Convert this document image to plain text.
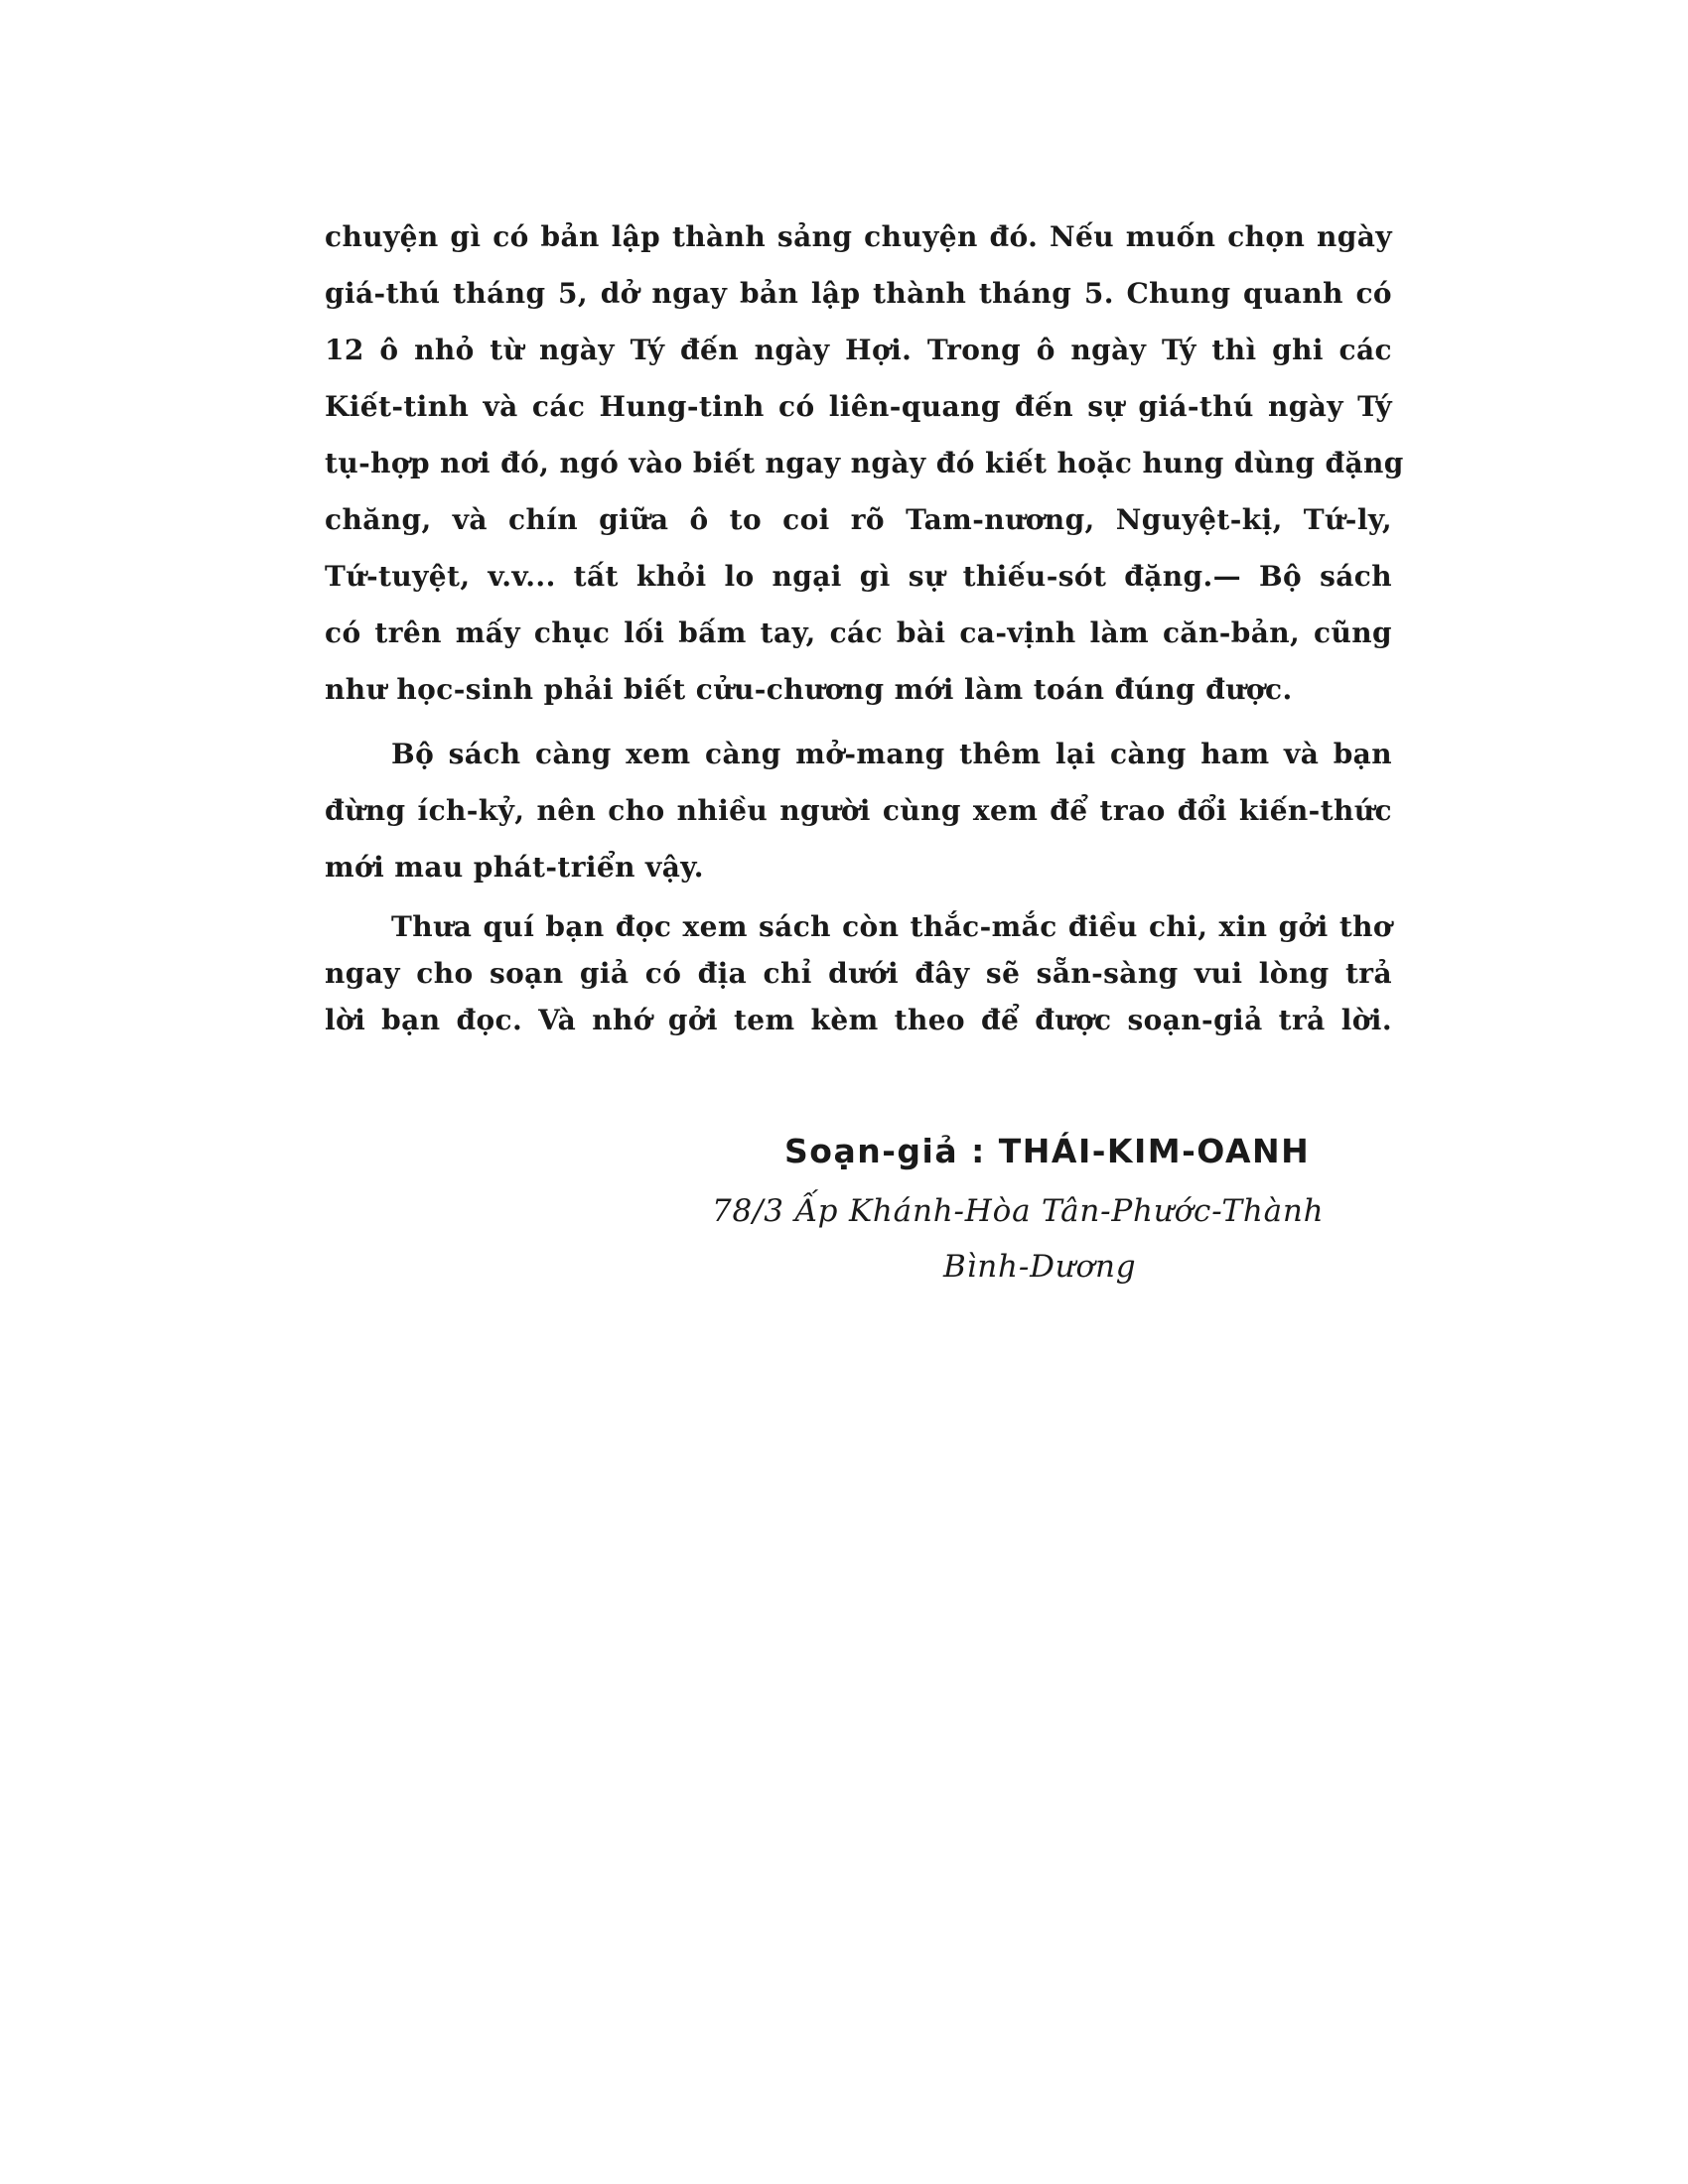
chuyện gì có bản lập thành sảng chuyện đó. Nếu muốn chọn ngày
giá-thú tháng 5, dở ngay bản lập thành tháng 5. Chung quanh có
12 ô nhỏ từ ngày Tý đến ngày Hợi. Trong ô ngày Tý thì ghi các
Kiết-tinh và các Hung-tinh có liên-quang đến sự giá-thú ngày Tý
tụ-hợp nơi đó, ngó vào biết ngay ngày đó kiết hoặc hung dùng đặng
chăng, và chín giữa ô to coi rõ Tam-nương, Nguyệt-kị, Tứ-ly,
Tứ-tuyệt, v.v... tất khỏi lo ngại gì sự thiếu-sót đặng.— Bộ sách
có trên mấy chục lối bấm tay, các bài ca-vịnh làm căn-bản, cũng
như học-sinh phải biết cửu-chương mới làm toán đúng được.

Bộ sách càng xem càng mở-mang thêm lại càng ham và bạn
đừng ích-kỷ, nên cho nhiều người cùng xem để trao đổi kiến-thức
mới mau phát-triển vậy.

Thưa quí bạn đọc xem sách còn thắc-mắc điều chi, xin gởi thơ
ngay cho soạn giả có địa chỉ dưới đây sẽ sẵn-sàng vui lòng trả
lời bạn đọc. Và nhớ gởi tem kèm theo để được soạn-giả trả lời.

Soạn-giả : THÁI-KIM-OANH
78/3 Ấp Khánh-Hòa Tân-Phước-Thành
Bình-Dương
